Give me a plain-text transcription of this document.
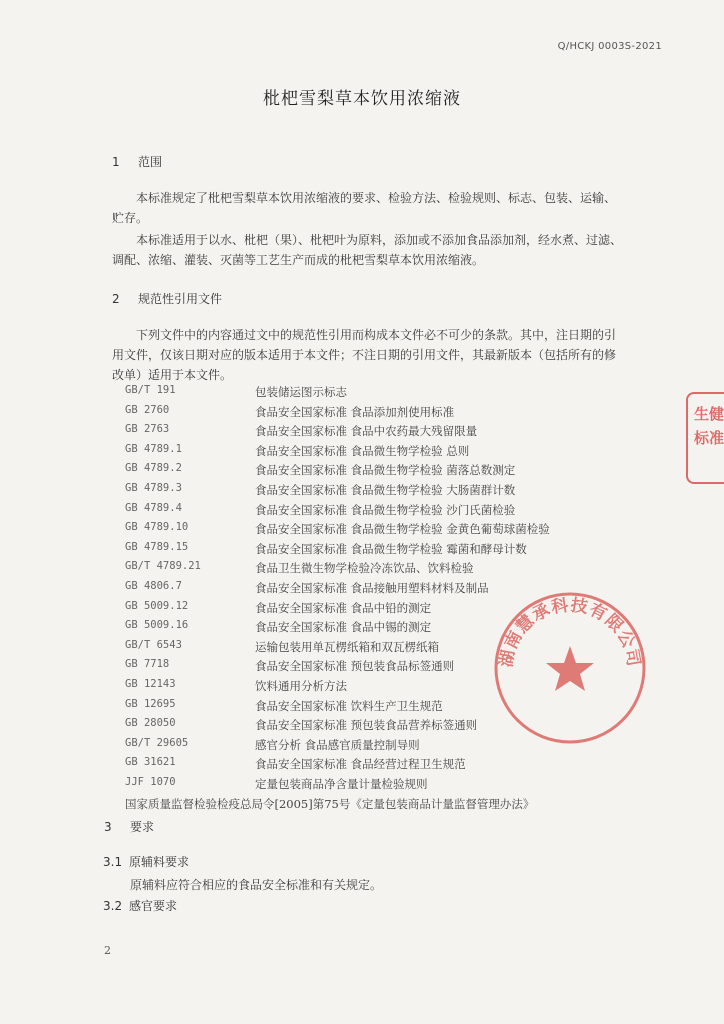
Q/HCKJ 0003S-2021
枇杷雪梨草本饮用浓缩液
1 范围
本标准规定了枇杷雪梨草本饮用浓缩液的要求、检验方法、检验规则、标志、包装、运输、贮存。
本标准适用于以水、枇杷（果）、枇杷叶为原料，添加或不添加食品添加剂，经水煮、过滤、调配、浓缩、灌装、灭菌等工艺生产而成的枇杷雪梨草本饮用浓缩液。
2 规范性引用文件
下列文件中的内容通过文中的规范性引用而构成本文件必不可少的条款。其中，注日期的引用文件，仅该日期对应的版本适用于本文件；不注日期的引用文件，其最新版本（包括所有的修改单）适用于本文件。
GB/T 191	包装储运图示标志
GB 2760	食品安全国家标准 食品添加剂使用标准
GB 2763	食品安全国家标准 食品中农药最大残留限量
GB 4789.1	食品安全国家标准 食品微生物学检验 总则
GB 4789.2	食品安全国家标准 食品微生物学检验 菌落总数测定
GB 4789.3	食品安全国家标准 食品微生物学检验 大肠菌群计数
GB 4789.4	食品安全国家标准 食品微生物学检验 沙门氏菌检验
GB 4789.10	食品安全国家标准 食品微生物学检验 金黄色葡萄球菌检验
GB 4789.15	食品安全国家标准 食品微生物学检验 霉菌和酵母计数
GB/T 4789.21	食品卫生微生物学检验冷冻饮品、饮料检验
GB 4806.7	食品安全国家标准 食品接触用塑料材料及制品
GB 5009.12	食品安全国家标准 食品中铅的测定
GB 5009.16	食品安全国家标准 食品中锡的测定
GB/T 6543	运输包装用单瓦楞纸箱和双瓦楞纸箱
GB 7718	食品安全国家标准 预包装食品标签通则
GB 12143	饮料通用分析方法
GB 12695	食品安全国家标准 饮料生产卫生规范
GB 28050	食品安全国家标准 预包装食品营养标签通则
GB/T 29605	感官分析 食品感官质量控制导则
GB 31621	食品安全国家标准 食品经营过程卫生规范
JJF 1070	定量包装商品净含量计量检验规则
国家质量监督检验检疫总局令[2005]第75号《定量包装商品计量监督管理办法》
3 要求
3.1 原辅料要求
原辅料应符合相应的食品安全标准和有关规定。
3.2 感官要求
2
生健
标准
湖南慧承科技有限公司
